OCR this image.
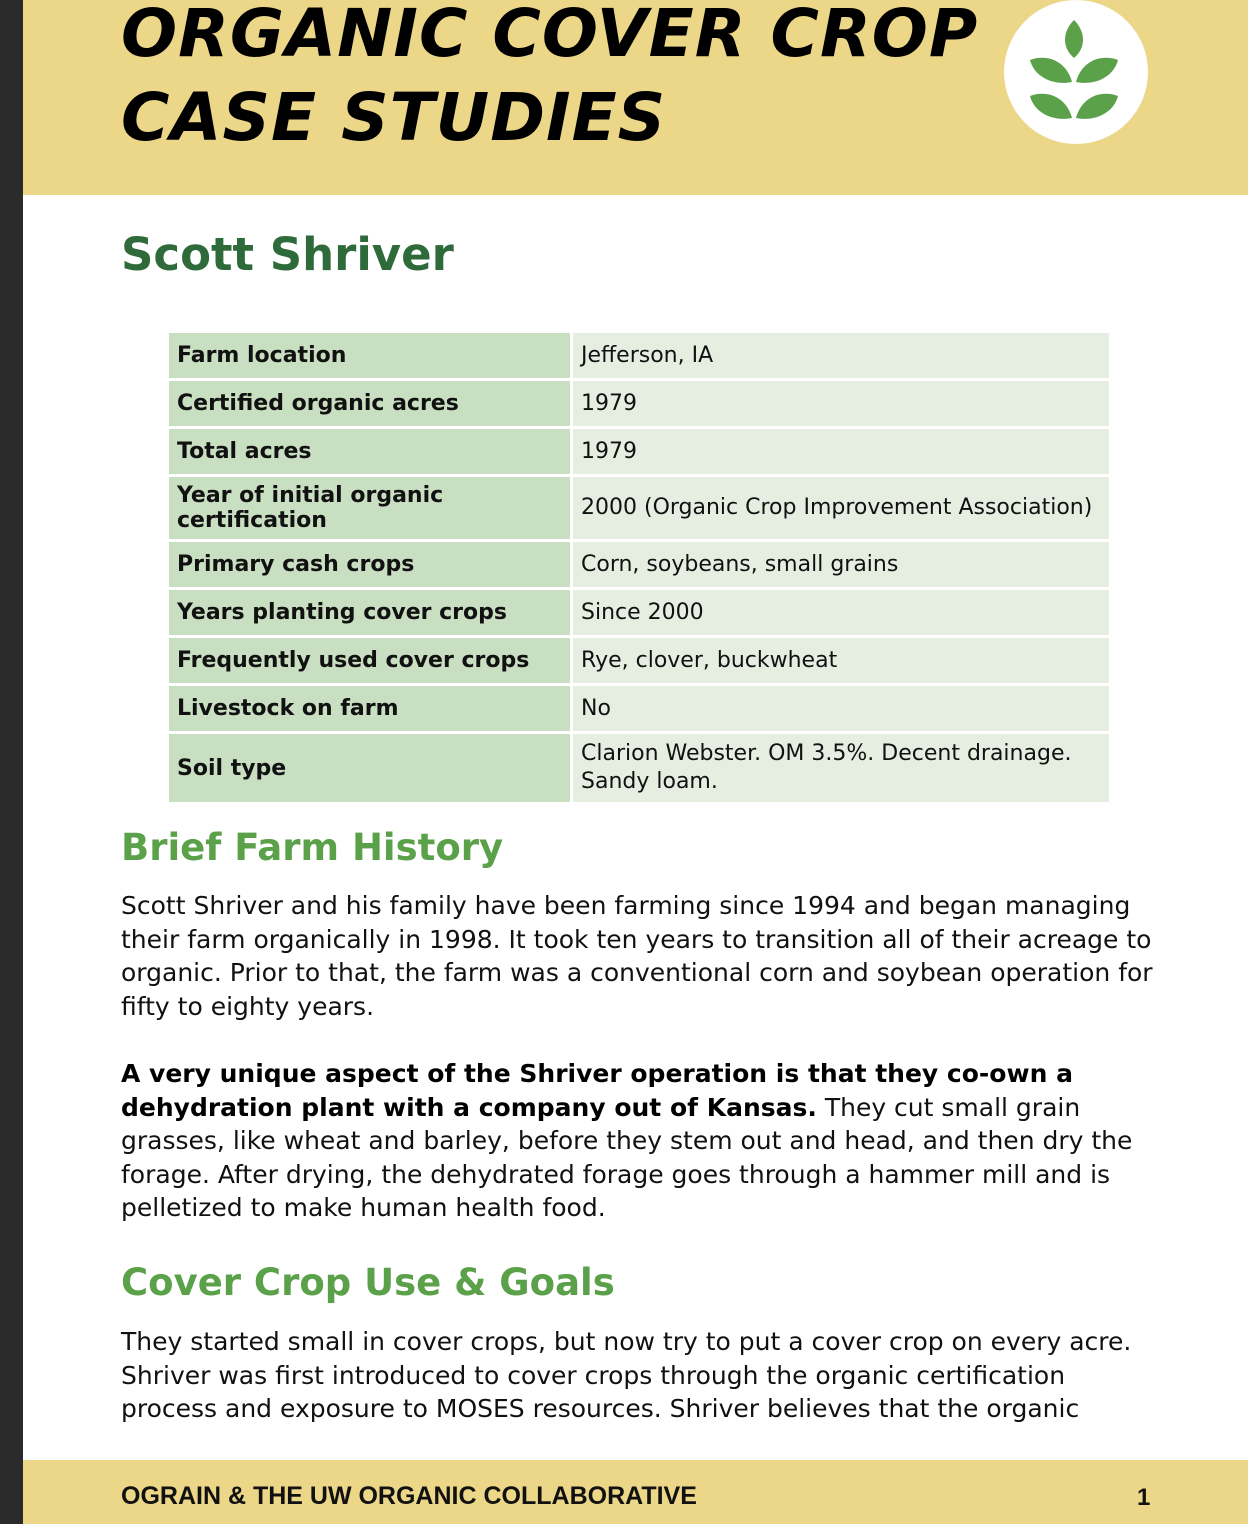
ORGANIC COVER CROP
CASE STUDIES
Scott Shriver
Farm location	Jefferson, IA
Certified organic acres	1979
Total acres	1979
Year of initial organic certification	2000 (Organic Crop Improvement Association)
Primary cash crops	Corn, soybeans, small grains
Years planting cover crops	Since 2000
Frequently used cover crops	Rye, clover, buckwheat
Livestock on farm	No
Soil type	Clarion Webster. OM 3.5%. Decent drainage. Sandy loam.
Brief Farm History

Scott Shriver and his family have been farming since 1994 and began managing their farm organically in 1998. It took ten years to transition all of their acreage to organic. Prior to that, the farm was a conventional corn and soybean operation for fifty to eighty years.

A very unique aspect of the Shriver operation is that they co-own a dehydration plant with a company out of Kansas. They cut small grain grasses, like wheat and barley, before they stem out and head, and then dry the forage. After drying, the dehydrated forage goes through a hammer mill and is pelletized to make human health food.

Cover Crop Use & Goals

They started small in cover crops, but now try to put a cover crop on every acre. Shriver was first introduced to cover crops through the organic certification process and exposure to MOSES resources. Shriver believes that the organic

OGRAIN & THE UW ORGANIC COLLABORATIVE	1
